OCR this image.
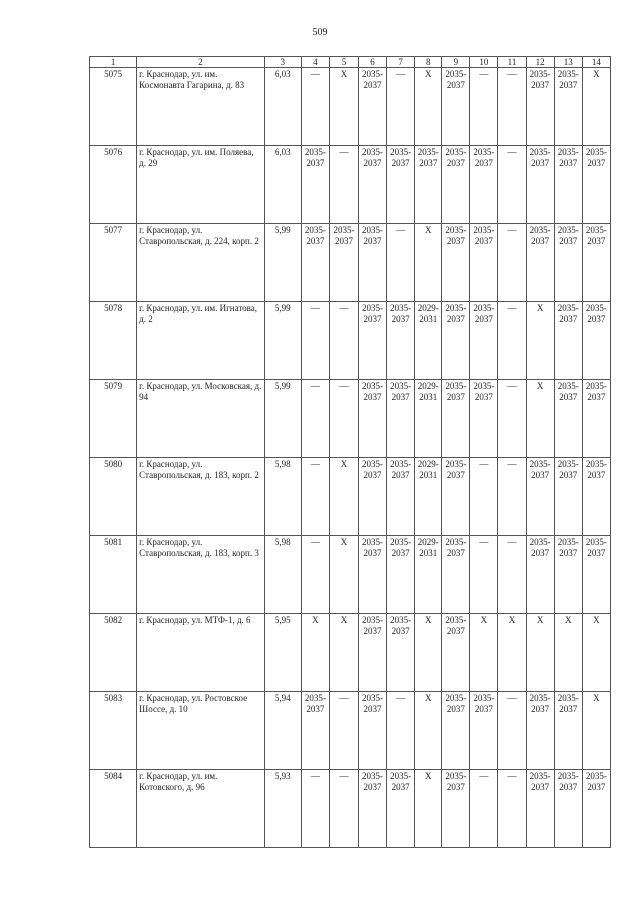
509
1	2	3	4	5	6	7	8	9	10	11	12	13	14
5075	г. Краснодар, ул. им. Космонавта Гагарина, д. 83	6,03	—	Х	2035-2037	—	Х	2035-2037	—	—	2035-2037	2035-2037	Х
5076	г. Краснодар, ул. им. Поляева, д. 29	6,03	2035-2037	—	2035-2037	2035-2037	2035-2037	2035-2037	2035-2037	—	2035-2037	2035-2037	2035-2037
5077	г. Краснодар, ул. Ставропольская, д. 224, корп. 2	5,99	2035-2037	2035-2037	2035-2037	—	Х	2035-2037	2035-2037	—	2035-2037	2035-2037	2035-2037
5078	г. Краснодар, ул. им. Игнатова, д. 2	5,99	—	—	2035-2037	2035-2037	2029-2031	2035-2037	2035-2037	—	Х	2035-2037	2035-2037
5079	г. Краснодар, ул. Московская, д. 94	5,99	—	—	2035-2037	2035-2037	2029-2031	2035-2037	2035-2037	—	Х	2035-2037	2035-2037
5080	г. Краснодар, ул. Ставропольская, д. 183, корп. 2	5,98	—	Х	2035-2037	2035-2037	2029-2031	2035-2037	—	—	2035-2037	2035-2037	2035-2037
5081	г. Краснодар, ул. Ставропольская, д. 183, корп. 3	5,98	—	Х	2035-2037	2035-2037	2029-2031	2035-2037	—	—	2035-2037	2035-2037	2035-2037
5082	г. Краснодар, ул. МТФ-1, д. 6	5,95	Х	Х	2035-2037	2035-2037	Х	2035-2037	Х	Х	Х	Х	Х
5083	г. Краснодар, ул. Ростовское Шоссе, д. 10	5,94	2035-2037	—	2035-2037	—	Х	2035-2037	2035-2037	—	2035-2037	2035-2037	Х
5084	г. Краснодар, ул. им. Котовского, д. 96	5,93	—	—	2035-2037	2035-2037	Х	2035-2037	—	—	2035-2037	2035-2037	2035-2037
